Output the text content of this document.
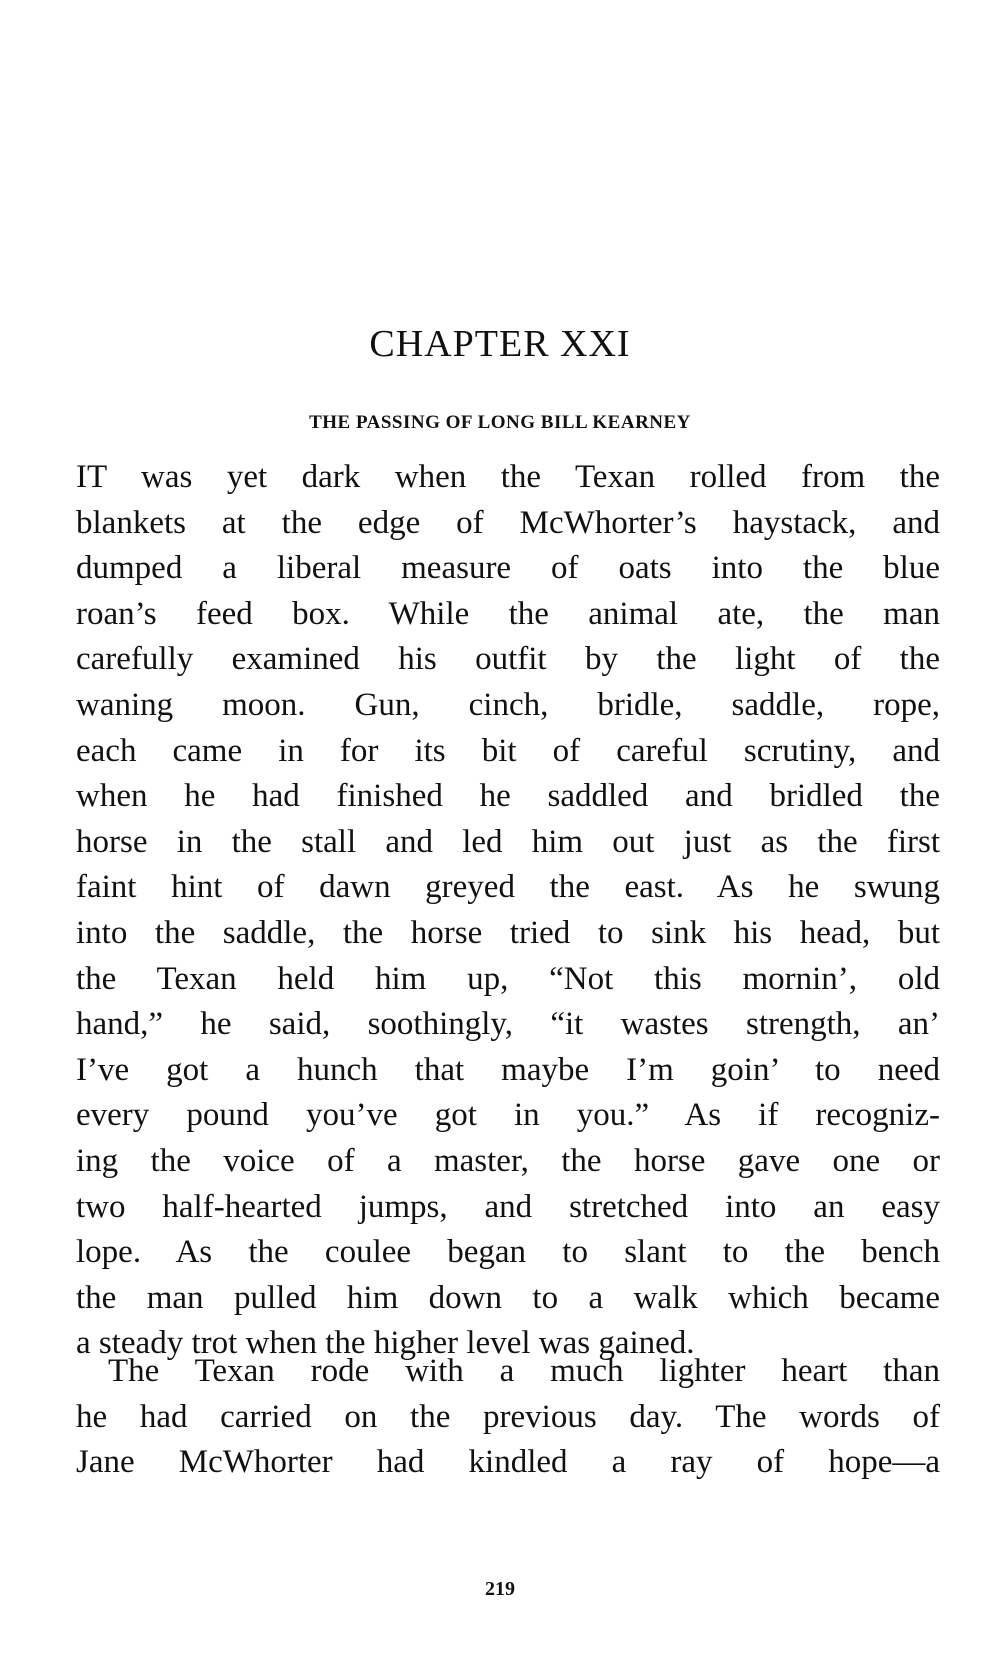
CHAPTER XXI
THE PASSING OF LONG BILL KEARNEY
IT was yet dark when the Texan rolled from the
blankets at the edge of McWhorter’s haystack, and
dumped a liberal measure of oats into the blue
roan’s feed box. While the animal ate, the man
carefully examined his outfit by the light of the
waning moon. Gun, cinch, bridle, saddle, rope,
each came in for its bit of careful scrutiny, and
when he had finished he saddled and bridled the
horse in the stall and led him out just as the first
faint hint of dawn greyed the east. As he swung
into the saddle, the horse tried to sink his head, but
the Texan held him up, “Not this mornin’, old
hand,” he said, soothingly, “it wastes strength, an’
I’ve got a hunch that maybe I’m goin’ to need
every pound you’ve got in you.” As if recogniz-
ing the voice of a master, the horse gave one or
two half-hearted jumps, and stretched into an easy
lope. As the coulee began to slant to the bench
the man pulled him down to a walk which became
a steady trot when the higher level was gained.
The Texan rode with a much lighter heart than
he had carried on the previous day. The words of
Jane McWhorter had kindled a ray of hope—a
219
